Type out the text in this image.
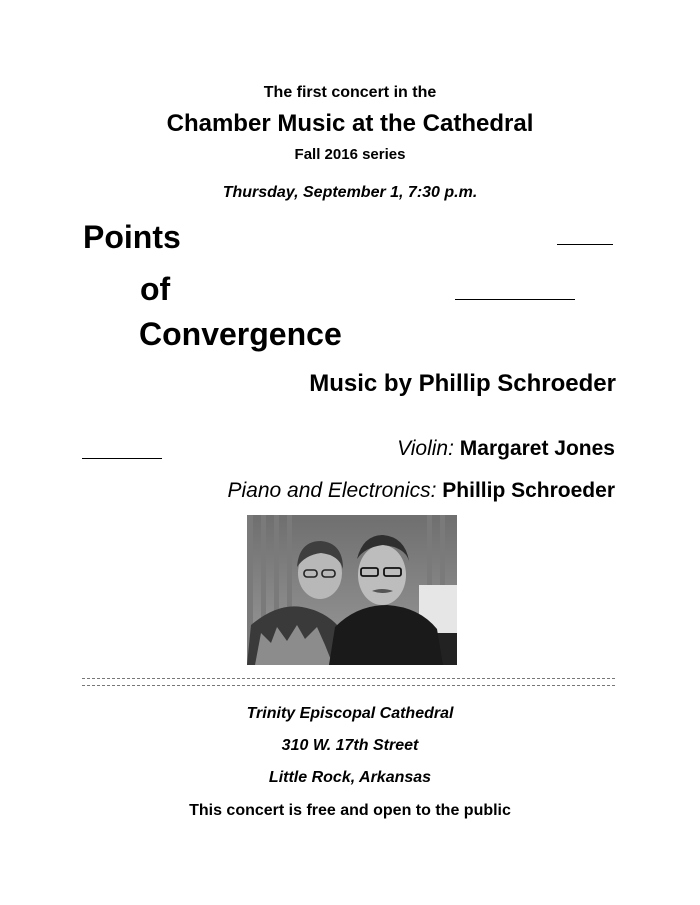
The first concert in the
Chamber Music at the Cathedral
Fall 2016 series
Thursday, September 1, 7:30 p.m.
Points
of
Convergence
Music by Phillip Schroeder
Violin: Margaret Jones
Piano and Electronics: Phillip Schroeder
Trinity Episcopal Cathedral
310 W. 17th Street
Little Rock, Arkansas
This concert is free and open to the public
